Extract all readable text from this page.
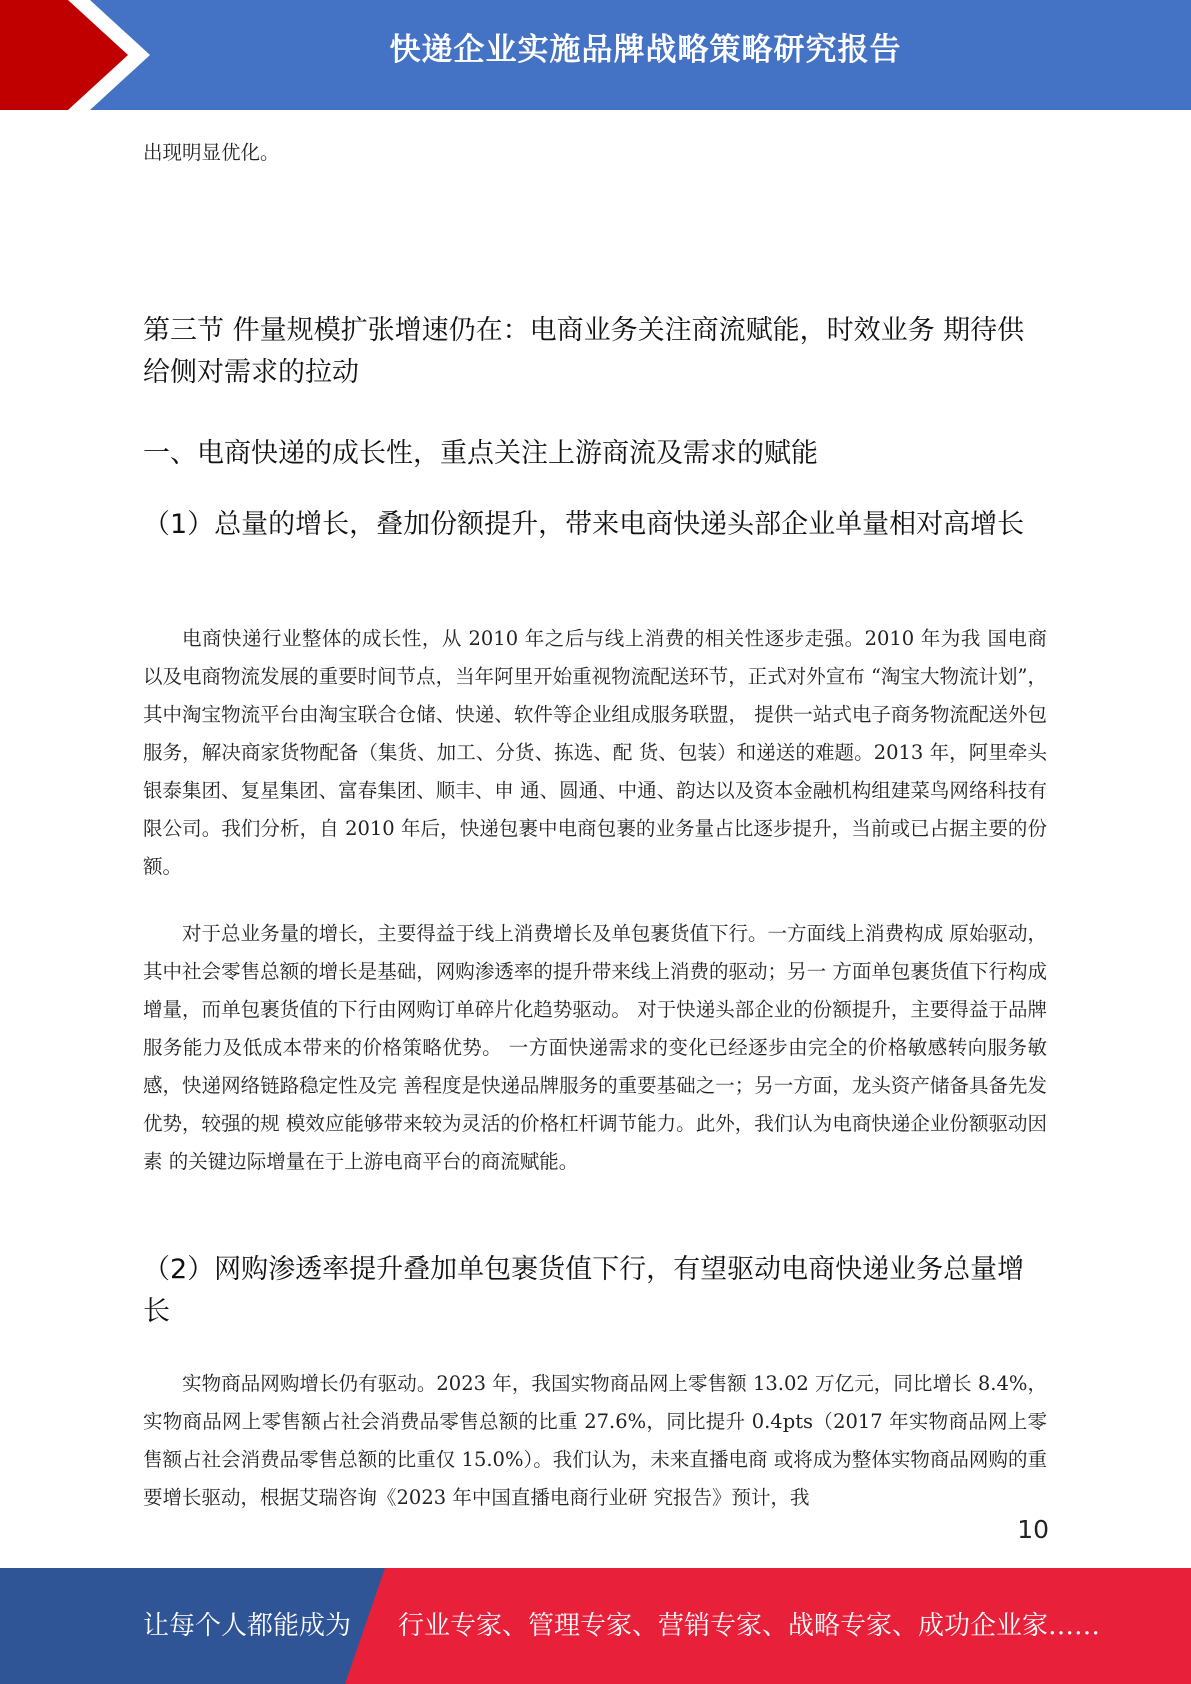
快递企业实施品牌战略策略研究报告

出现明显优化。

第三节 件量规模扩张增速仍在：电商业务关注商流赋能，时效业务 期待供给侧对需求的拉动
一、电商快递的成长性，重点关注上游商流及需求的赋能
（1）总量的增长，叠加份额提升，带来电商快递头部企业单量相对高增长

电商快递行业整体的成长性，从 2010 年之后与线上消费的相关性逐步走强。2010 年为我 国电商以及电商物流发展的重要时间节点，当年阿里开始重视物流配送环节，正式对外宣布 “淘宝大物流计划”，其中淘宝物流平台由淘宝联合仓储、快递、软件等企业组成服务联盟， 提供一站式电子商务物流配送外包服务，解决商家货物配备（集货、加工、分货、拣选、配 货、包装）和递送的难题。2013 年，阿里牵头银泰集团、复星集团、富春集团、顺丰、申 通、圆通、中通、韵达以及资本金融机构组建菜鸟网络科技有限公司。我们分析，自 2010 年后，快递包裹中电商包裹的业务量占比逐步提升，当前或已占据主要的份额。

对于总业务量的增长，主要得益于线上消费增长及单包裹货值下行。一方面线上消费构成 原始驱动，其中社会零售总额的增长是基础，网购渗透率的提升带来线上消费的驱动；另一 方面单包裹货值下行构成增量，而单包裹货值的下行由网购订单碎片化趋势驱动。 对于快递头部企业的份额提升，主要得益于品牌服务能力及低成本带来的价格策略优势。 一方面快递需求的变化已经逐步由完全的价格敏感转向服务敏感，快递网络链路稳定性及完 善程度是快递品牌服务的重要基础之一；另一方面，龙头资产储备具备先发优势，较强的规 模效应能够带来较为灵活的价格杠杆调节能力。此外，我们认为电商快递企业份额驱动因素 的关键边际增量在于上游电商平台的商流赋能。

（2）网购渗透率提升叠加单包裹货值下行，有望驱动电商快递业务总量增长

实物商品网购增长仍有驱动。2023 年，我国实物商品网上零售额 13.02 万亿元，同比增长 8.4%，实物商品网上零售额占社会消费品零售总额的比重 27.6%，同比提升 0.4pts（2017 年实物商品网上零售额占社会消费品零售总额的比重仅 15.0%）。我们认为，未来直播电商 或将成为整体实物商品网购的重要增长驱动，根据艾瑞咨询《2023 年中国直播电商行业研 究报告》预计，我

10
让每个人都能成为 行业专家、管理专家、营销专家、战略专家、成功企业家……
